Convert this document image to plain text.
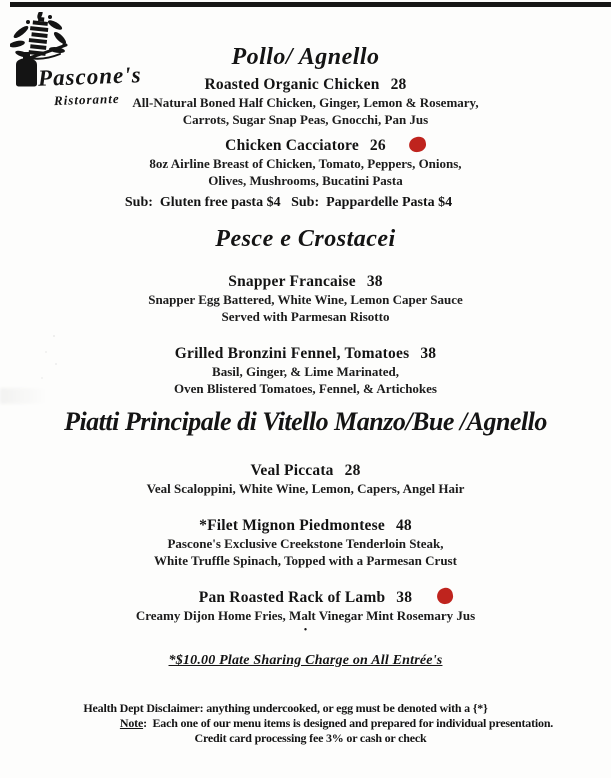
Pascone's
Ristorante
Pollo/ Agnello
Roasted Organic Chicken 28
All-Natural Boned Half Chicken, Ginger, Lemon & Rosemary,
Carrots, Sugar Snap Peas, Gnocchi, Pan Jus
Chicken Cacciatore 26
8oz Airline Breast of Chicken, Tomato, Peppers, Onions,
Olives, Mushrooms, Bucatini Pasta
Sub:  Gluten free pasta $4   Sub:  Pappardelle Pasta $4
Pesce e Crostacei
Snapper Francaise 38
Snapper Egg Battered, White Wine, Lemon Caper Sauce
Served with Parmesan Risotto
Grilled Bronzini Fennel, Tomatoes 38
Basil, Ginger, & Lime Marinated,
Oven Blistered Tomatoes, Fennel, & Artichokes
Piatti Principale di Vitello Manzo/Bue /Agnello
Veal Piccata 28
Veal Scaloppini, White Wine, Lemon, Capers, Angel Hair
*Filet Mignon Piedmontese 48
Pascone's Exclusive Creekstone Tenderloin Steak,
White Truffle Spinach, Topped with a Parmesan Crust
Pan Roasted Rack of Lamb 38
Creamy Dijon Home Fries, Malt Vinegar Mint Rosemary Jus
•
*$10.00 Plate Sharing Charge on All Entrée's
Health Dept Disclaimer: anything undercooked, or egg must be denoted with a {*}
Note:  Each one of our menu items is designed and prepared for individual presentation.
Credit card processing fee 3% or cash or check
